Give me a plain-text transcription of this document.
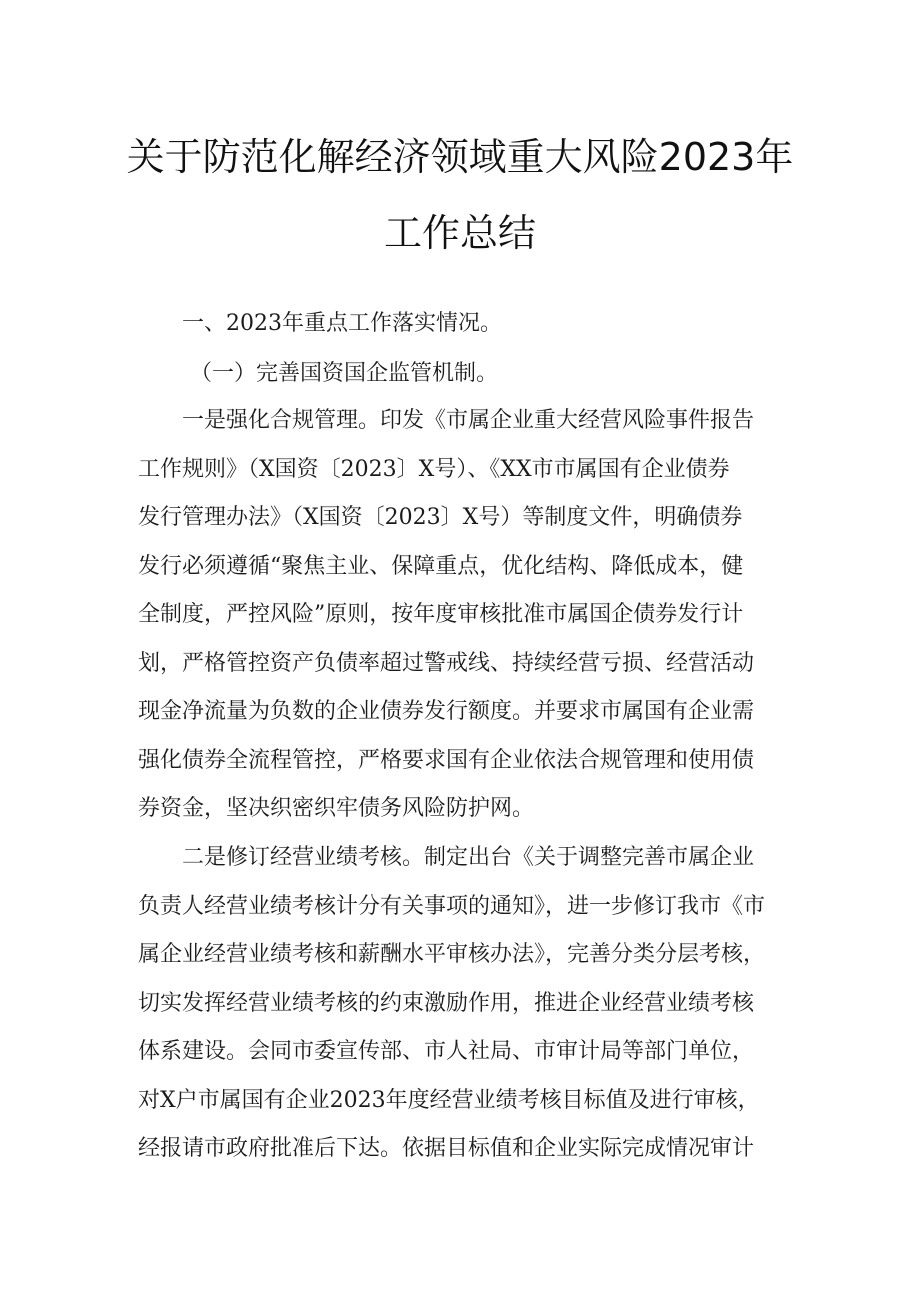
关于防范化解经济领域重大风险2023年
工作总结
一、2023年重点工作落实情况。
（一）完善国资国企监管机制。
一是强化合规管理。印发《市属企业重大经营风险事件报告
工作规则》（X国资〔2023〕X号）、《XX市市属国有企业债券
发行管理办法》（X国资〔2023〕X号）等制度文件，明确债券
发行必须遵循“聚焦主业、保障重点，优化结构、降低成本，健
全制度，严控风险”原则，按年度审核批准市属国企债券发行计
划，严格管控资产负债率超过警戒线、持续经营亏损、经营活动
现金净流量为负数的企业债券发行额度。并要求市属国有企业需
强化债券全流程管控，严格要求国有企业依法合规管理和使用债
券资金，坚决织密织牢债务风险防护网。
二是修订经营业绩考核。制定出台《关于调整完善市属企业
负责人经营业绩考核计分有关事项的通知》，进一步修订我市《市
属企业经营业绩考核和薪酬水平审核办法》，完善分类分层考核，
切实发挥经营业绩考核的约束激励作用，推进企业经营业绩考核
体系建设。会同市委宣传部、市人社局、市审计局等部门单位，
对X户市属国有企业2023年度经营业绩考核目标值及进行审核，
经报请市政府批准后下达。依据目标值和企业实际完成情况审计
